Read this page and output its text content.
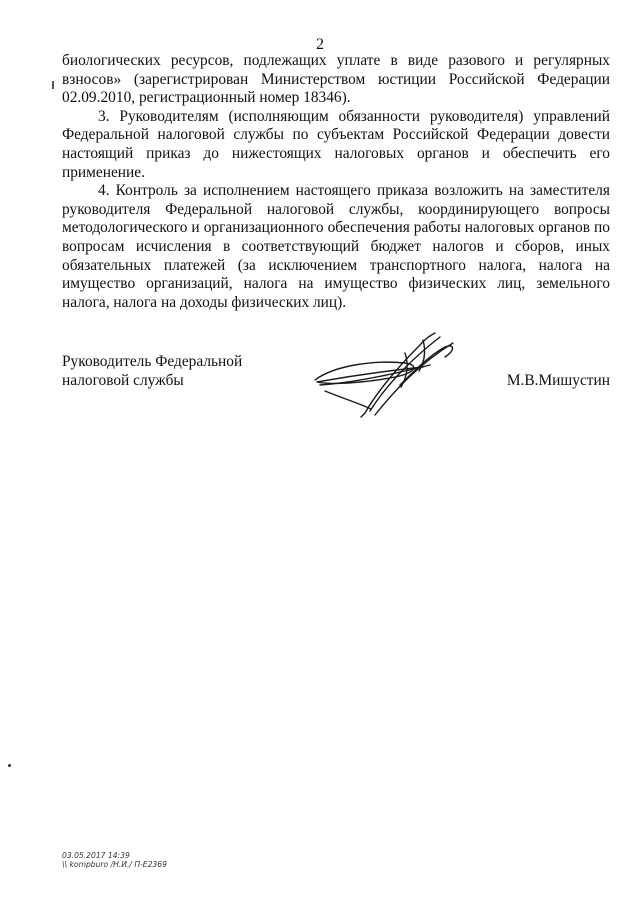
2

биологических ресурсов, подлежащих уплате в виде разового и регулярных взносов» (зарегистрирован Министерством юстиции Российской Федерации 02.09.2010, регистрационный номер 18346).

3. Руководителям (исполняющим обязанности руководителя) управлений Федеральной налоговой службы по субъектам Российской Федерации довести настоящий приказ до нижестоящих налоговых органов и обеспечить его применение.

4. Контроль за исполнением настоящего приказа возложить на заместителя руководителя Федеральной налоговой службы, координирующего вопросы методологического и организационного обеспечения работы налоговых органов по вопросам исчисления в соответствующий бюджет налогов и сборов, иных обязательных платежей (за исключением транспортного налога, налога на имущество организаций, налога на имущество физических лиц, земельного налога, налога на доходы физических лиц).

Руководитель Федеральной
налоговой службы	М.В.Мишустин
03.05.2017 14:39
\\ kompburo /Н.И./ П-Е2369
